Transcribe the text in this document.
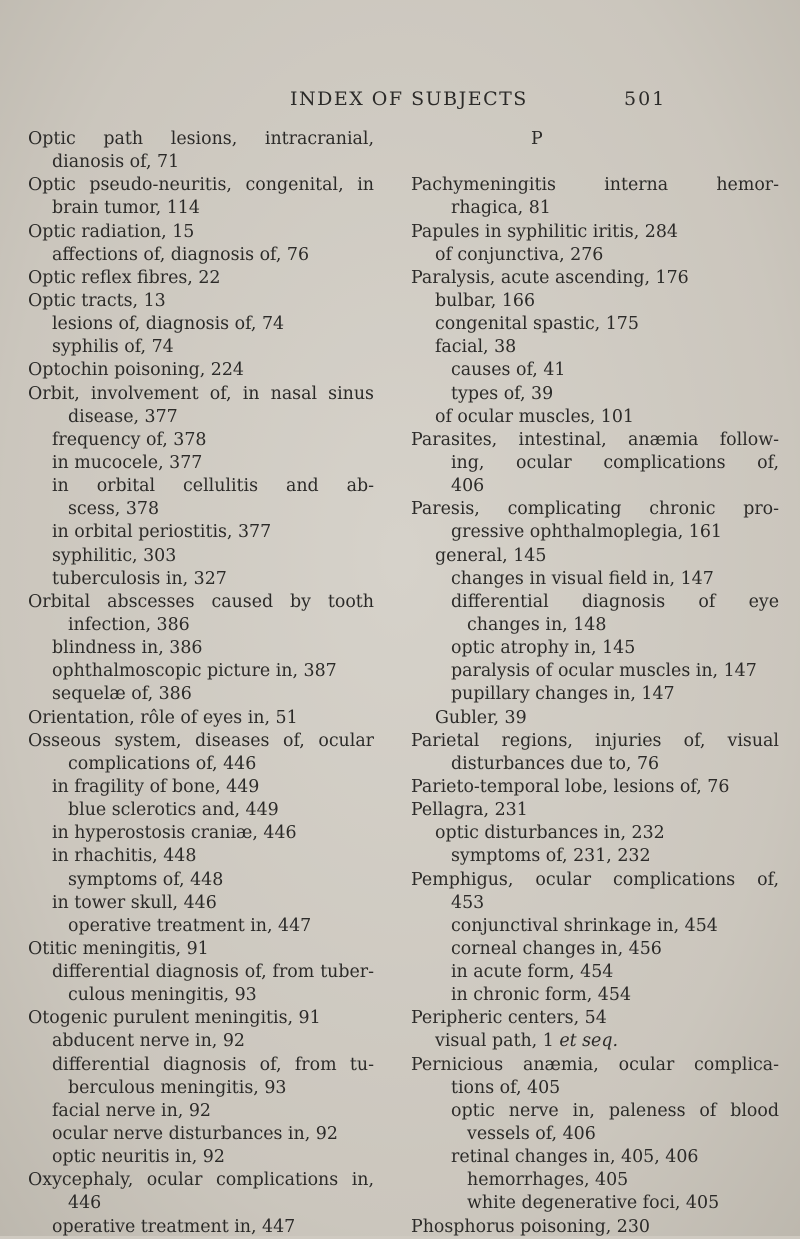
INDEX OF SUBJECTS	501
Optic path lesions, intracranial,
dianosis of, 71
Optic pseudo-neuritis, congenital, in
brain tumor, 114
Optic radiation, 15
affections of, diagnosis of, 76
Optic reflex fibres, 22
Optic tracts, 13
lesions of, diagnosis of, 74
syphilis of, 74
Optochin poisoning, 224
Orbit, involvement of, in nasal sinus
disease, 377
frequency of, 378
in mucocele, 377
in orbital cellulitis and ab-
scess, 378
in orbital periostitis, 377
syphilitic, 303
tuberculosis in, 327
Orbital abscesses caused by tooth
infection, 386
blindness in, 386
ophthalmoscopic picture in, 387
sequelæ of, 386
Orientation, rôle of eyes in, 51
Osseous system, diseases of, ocular
complications of, 446
in fragility of bone, 449
blue sclerotics and, 449
in hyperostosis craniæ, 446
in rhachitis, 448
symptoms of, 448
in tower skull, 446
operative treatment in, 447
Otitic meningitis, 91
differential diagnosis of, from tuber-
culous meningitis, 93
Otogenic purulent meningitis, 91
abducent nerve in, 92
differential diagnosis of, from tu-
berculous meningitis, 93
facial nerve in, 92
ocular nerve disturbances in, 92
optic neuritis in, 92
Oxycephaly, ocular complications in,
446
operative treatment in, 447
P

Pachymeningitis interna hemor-
rhagica, 81
Papules in syphilitic iritis, 284
of conjunctiva, 276
Paralysis, acute ascending, 176
bulbar, 166
congenital spastic, 175
facial, 38
causes of, 41
types of, 39
of ocular muscles, 101
Parasites, intestinal, anæmia follow-
ing, ocular complications of,
406
Paresis, complicating chronic pro-
gressive ophthalmoplegia, 161
general, 145
changes in visual field in, 147
differential diagnosis of eye
changes in, 148
optic atrophy in, 145
paralysis of ocular muscles in, 147
pupillary changes in, 147
Gubler, 39
Parietal regions, injuries of, visual
disturbances due to, 76
Parieto-temporal lobe, lesions of, 76
Pellagra, 231
optic disturbances in, 232
symptoms of, 231, 232
Pemphigus, ocular complications of,
453
conjunctival shrinkage in, 454
corneal changes in, 456
in acute form, 454
in chronic form, 454
Peripheric centers, 54
visual path, 1 et seq.
Pernicious anæmia, ocular complica-
tions of, 405
optic nerve in, paleness of blood
vessels of, 406
retinal changes in, 405, 406
hemorrhages, 405
white degenerative foci, 405
Phosphorus poisoning, 230
